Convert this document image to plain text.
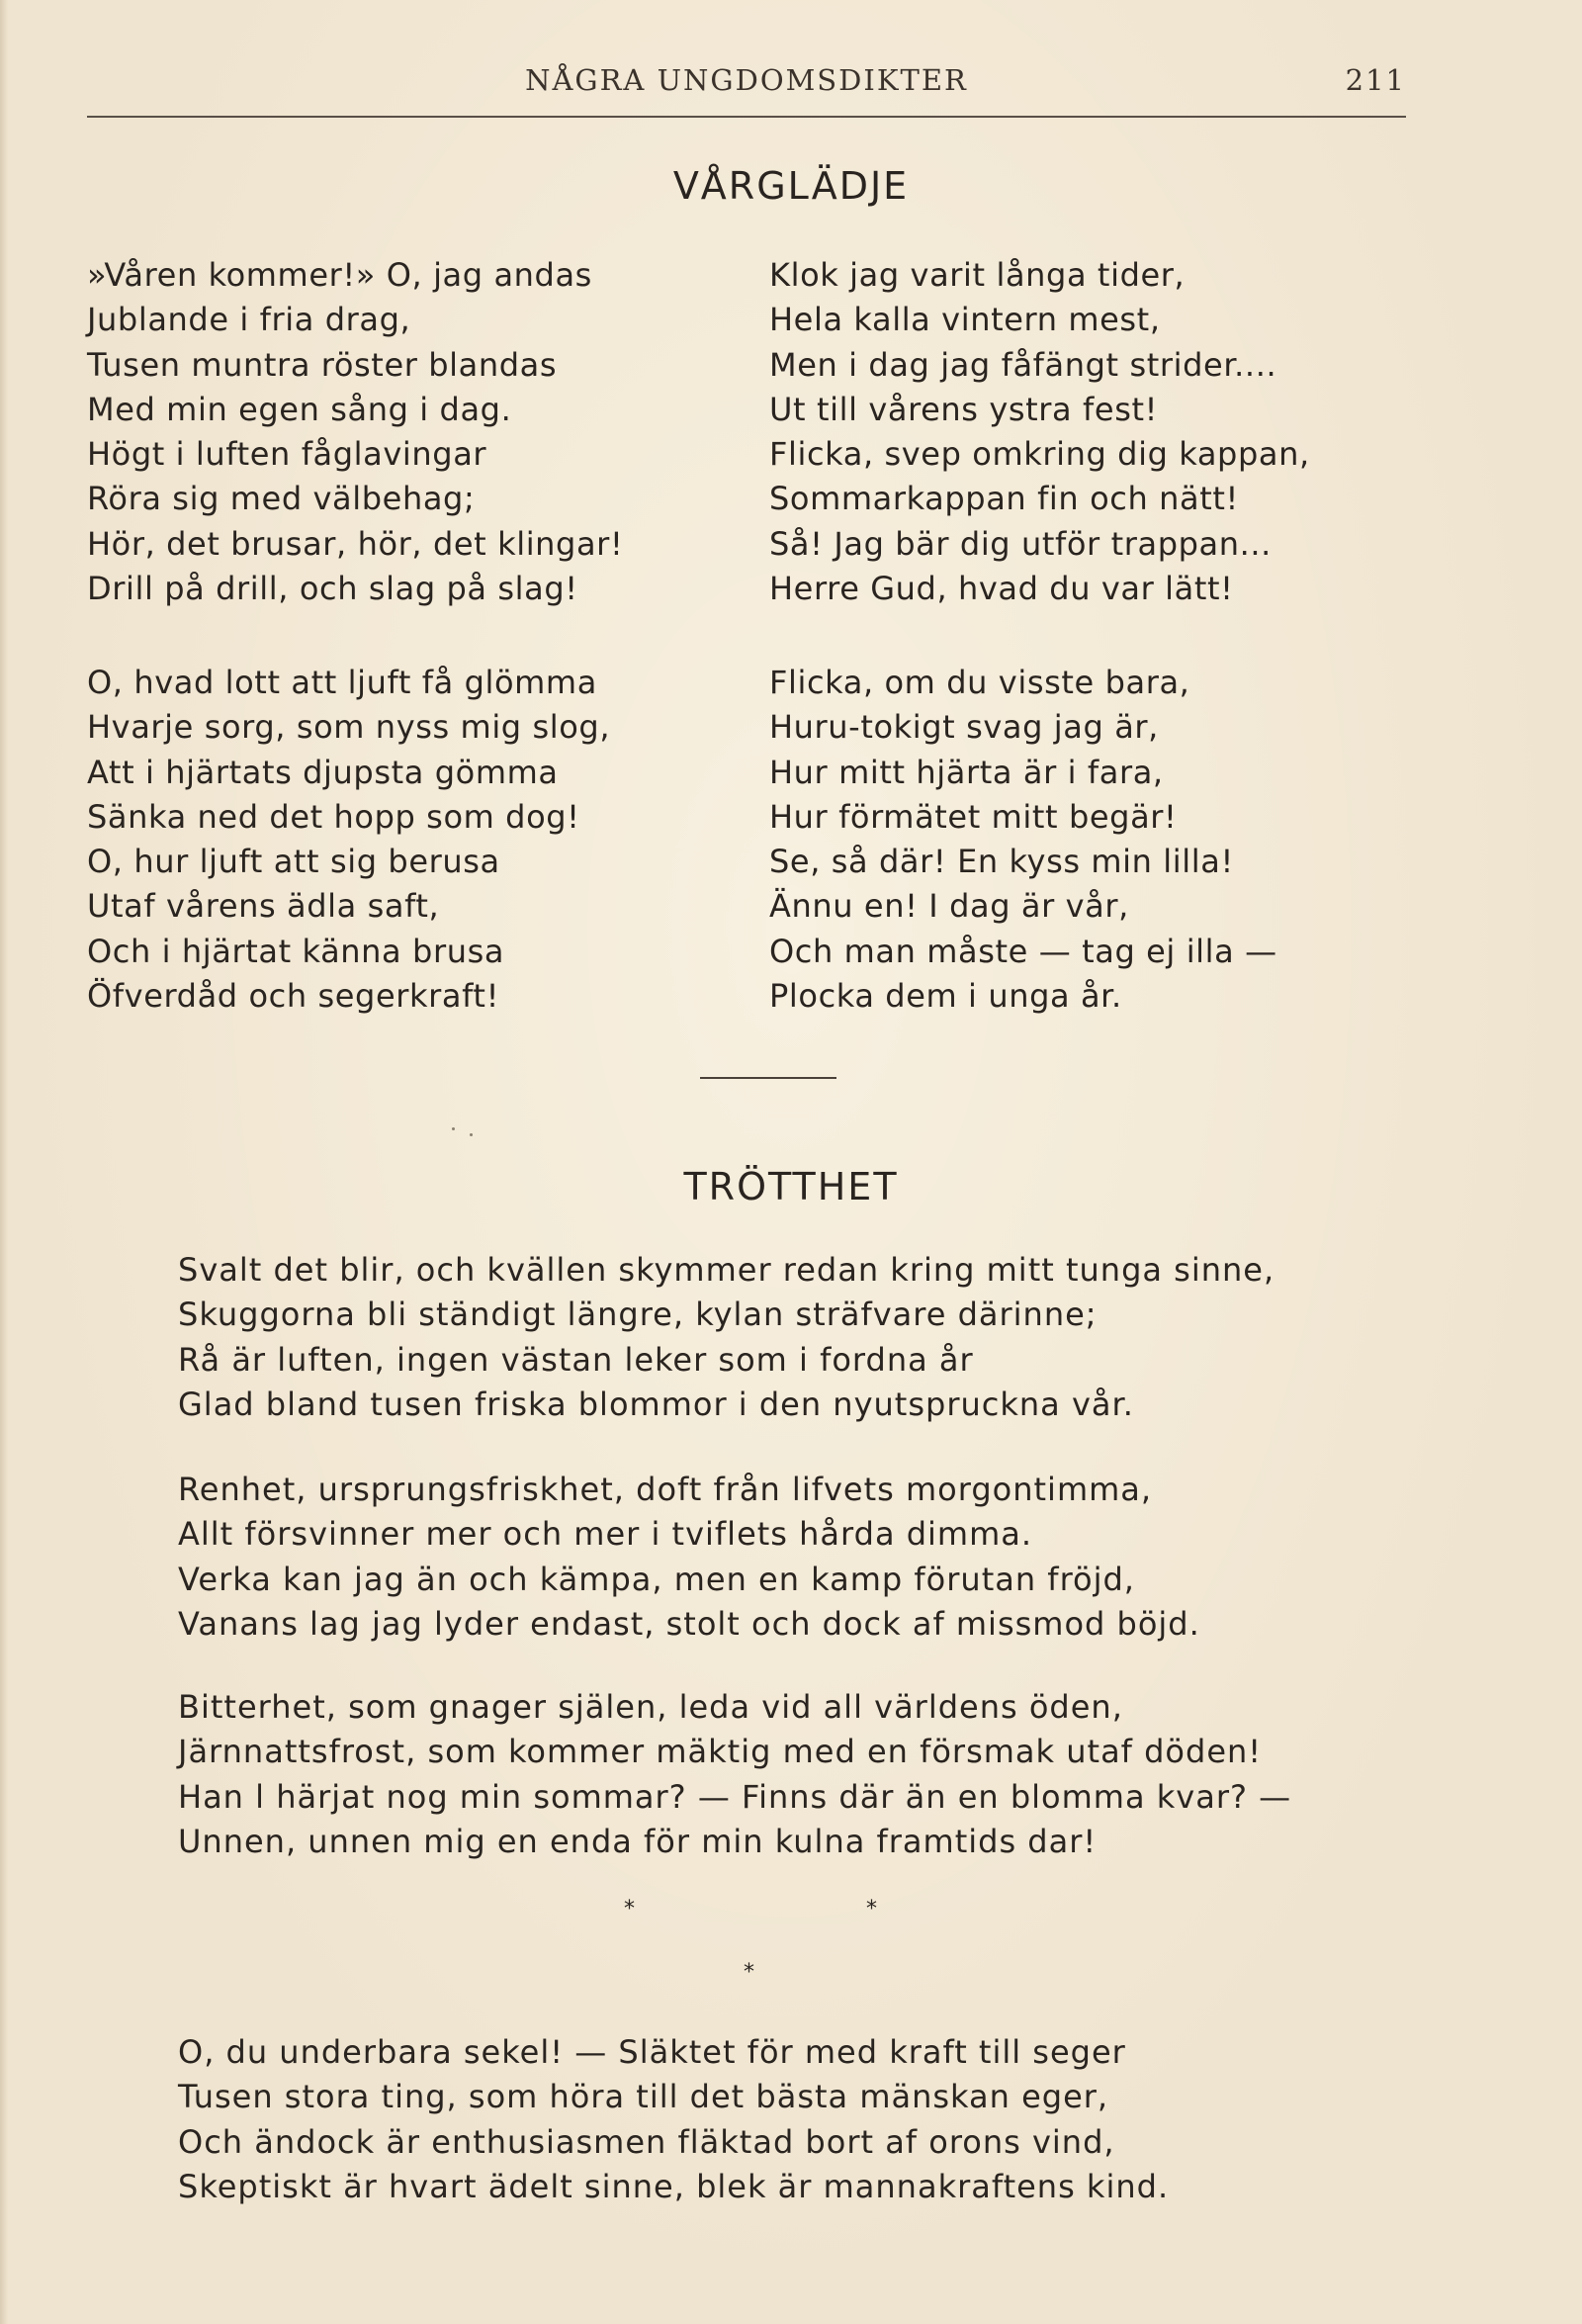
NÅGRA UNGDOMSDIKTER	211
VÅRGLÄDJE
»Våren kommer!» O, jag andas
Jublande i fria drag,
Tusen muntra röster blandas
Med min egen sång i dag.
Högt i luften fåglavingar
Röra sig med välbehag;
Hör, det brusar, hör, det klingar!
Drill på drill, och slag på slag!
Klok jag varit långa tider,
Hela kalla vintern mest,
Men i dag jag fåfängt strider....
Ut till vårens ystra fest!
Flicka, svep omkring dig kappan,
Sommarkappan fin och nätt!
Så! Jag bär dig utför trappan...
Herre Gud, hvad du var lätt!
O, hvad lott att ljuft få glömma
Hvarje sorg, som nyss mig slog,
Att i hjärtats djupsta gömma
Sänka ned det hopp som dog!
O, hur ljuft att sig berusa
Utaf vårens ädla saft,
Och i hjärtat känna brusa
Öfverdåd och segerkraft!
Flicka, om du visste bara,
Huru-tokigt svag jag är,
Hur mitt hjärta är i fara,
Hur förmätet mitt begär!
Se, så där! En kyss min lilla!
Ännu en! I dag är vår,
Och man måste — tag ej illa —
Plocka dem i unga år.
TRÖTTHET
Svalt det blir, och kvällen skymmer redan kring mitt tunga sinne,
Skuggorna bli ständigt längre, kylan sträfvare därinne;
Rå är luften, ingen västan leker som i fordna år
Glad bland tusen friska blommor i den nyutspruckna vår.
Renhet, ursprungsfriskhet, doft från lifvets morgontimma,
Allt försvinner mer och mer i tviflets hårda dimma.
Verka kan jag än och kämpa, men en kamp förutan fröjd,
Vanans lag jag lyder endast, stolt och dock af missmod böjd.
Bitterhet, som gnager själen, leda vid all världens öden,
Järnnattsfrost, som kommer mäktig med en försmak utaf döden!
Han l härjat nog min sommar? — Finns där än en blomma kvar? —
Unnen, unnen mig en enda för min kulna framtids dar!
*	*
*
O, du underbara sekel! — Släktet för med kraft till seger
Tusen stora ting, som höra till det bästa mänskan eger,
Och ändock är enthusiasmen fläktad bort af orons vind,
Skeptiskt är hvart ädelt sinne, blek är mannakraftens kind.
